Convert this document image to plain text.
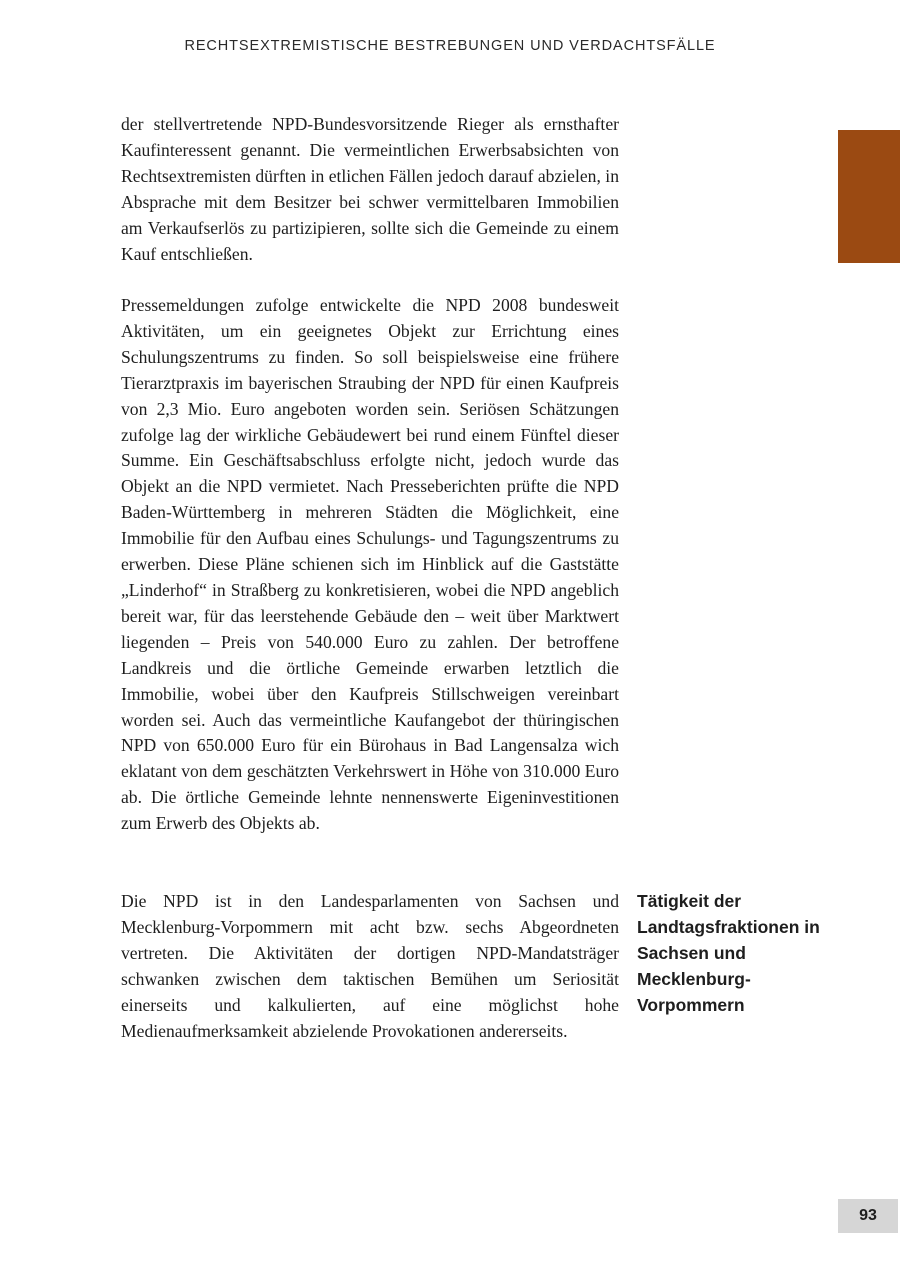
RECHTSEXTREMISTISCHE BESTREBUNGEN UND VERDACHTSFÄLLE

der stellvertretende NPD-Bundesvorsitzende Rieger als ernsthafter Kaufinteressent genannt. Die vermeintlichen Erwerbsabsichten von Rechtsextremisten dürften in etlichen Fällen jedoch darauf abzielen, in Absprache mit dem Besitzer bei schwer vermittelbaren Immobilien am Verkaufserlös zu partizipieren, sollte sich die Gemeinde zu einem Kauf entschließen.

Pressemeldungen zufolge entwickelte die NPD 2008 bundesweit Aktivitäten, um ein geeignetes Objekt zur Errichtung eines Schulungszentrums zu finden. So soll beispielsweise eine frühere Tierarztpraxis im bayerischen Straubing der NPD für einen Kaufpreis von 2,3 Mio. Euro angeboten worden sein. Seriösen Schätzungen zufolge lag der wirkliche Gebäudewert bei rund einem Fünftel dieser Summe. Ein Geschäftsabschluss erfolgte nicht, jedoch wurde das Objekt an die NPD vermietet. Nach Presseberichten prüfte die NPD Baden-Württemberg in mehreren Städten die Möglichkeit, eine Immobilie für den Aufbau eines Schulungs- und Tagungszentrums zu erwerben. Diese Pläne schienen sich im Hinblick auf die Gaststätte „Linderhof“ in Straßberg zu konkretisieren, wobei die NPD angeblich bereit war, für das leerstehende Gebäude den – weit über Marktwert liegenden – Preis von 540.000 Euro zu zahlen. Der betroffene Landkreis und die örtliche Gemeinde erwarben letztlich die Immobilie, wobei über den Kaufpreis Stillschweigen vereinbart worden sei. Auch das vermeintliche Kaufangebot der thüringischen NPD von 650.000 Euro für ein Bürohaus in Bad Langensalza wich eklatant von dem geschätzten Verkehrswert in Höhe von 310.000 Euro ab. Die örtliche Gemeinde lehnte nennenswerte Eigeninvestitionen zum Erwerb des Objekts ab.

Die NPD ist in den Landesparlamenten von Sachsen und Mecklenburg-Vorpommern mit acht bzw. sechs Abgeordneten vertreten. Die Aktivitäten der dortigen NPD-Mandatsträger schwanken zwischen dem taktischen Bemühen um Seriosität einerseits und kalkulierten, auf eine möglichst hohe Medienaufmerksamkeit abzielende Provokationen andererseits.

Tätigkeit der Landtagsfraktionen in Sachsen und Mecklenburg-Vorpommern
93
